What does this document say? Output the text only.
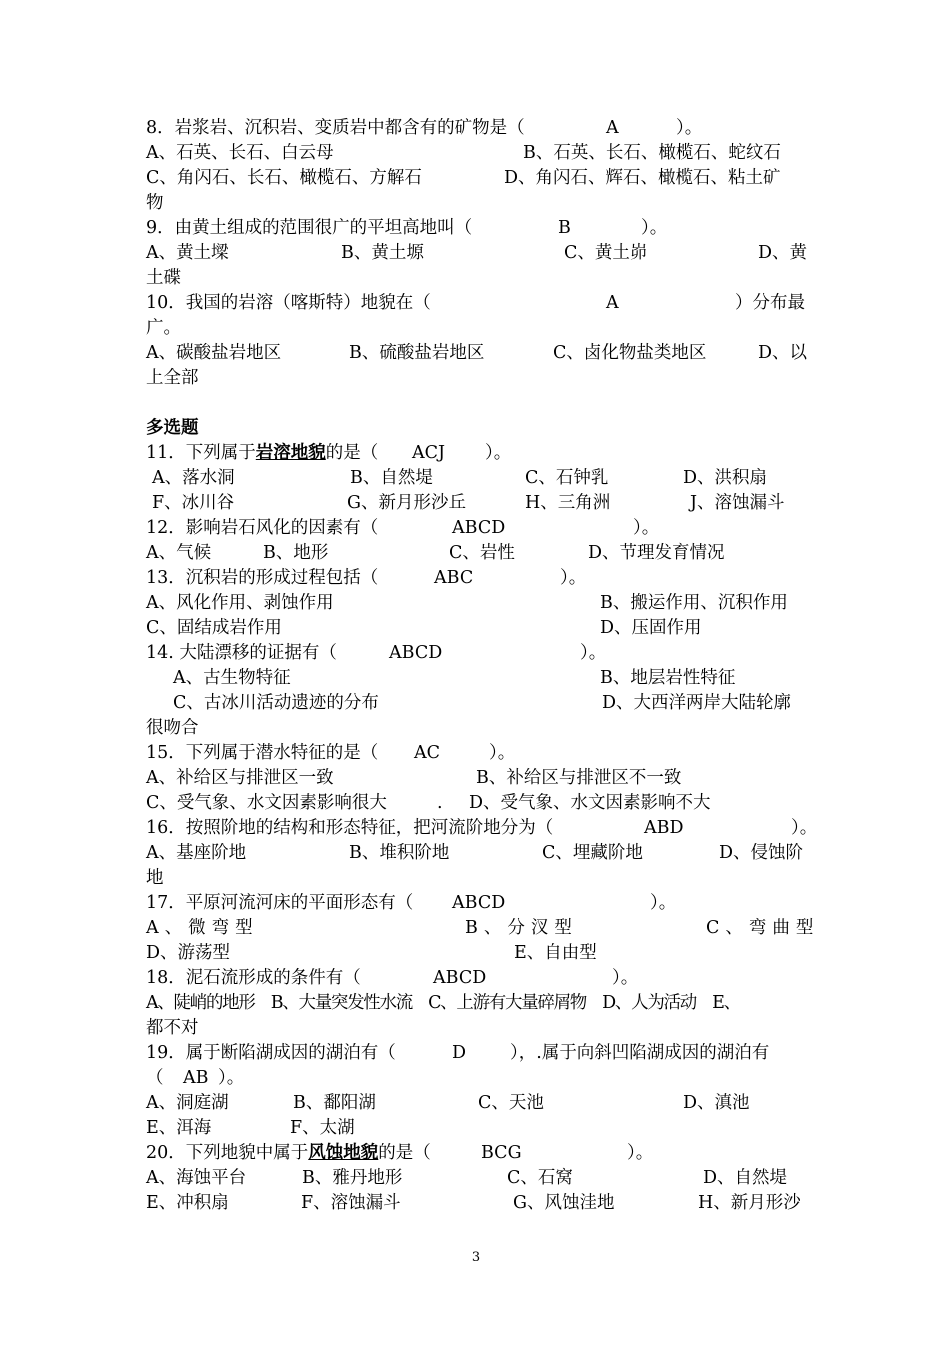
8．岩浆岩、沉积岩、变质岩中都含有的矿物是（	A	）。
A、石英、长石、白云母	B、石英、长石、橄榄石、蛇纹石
C、角闪石、长石、橄榄石、方解石	D、角闪石、辉石、橄榄石、粘土矿
物
9．由黄土组成的范围很广的平坦高地叫（	B	）。
A、黄土墚	B、黄土塬	C、黄土峁	D、黄
土碟
10．我国的岩溶（喀斯特）地貌在（	A	）分布最
广。
A、碳酸盐岩地区	B、硫酸盐岩地区	C、卤化物盐类地区	D、以
上全部
多选题
11．下列属于岩溶地貌的是（ ACJ ）。
A、落水洞	B、自然堤	C、石钟乳	D、洪积扇
F、冰川谷	G、新月形沙丘	H、三角洲	J、溶蚀漏斗
12．影响岩石风化的因素有（	ABCD	）。
A、气候	B、地形	C、岩性	D、节理发育情况
13．沉积岩的形成过程包括（	ABC	）。
A、风化作用、剥蚀作用	B、搬运作用、沉积作用
C、固结成岩作用	D、压固作用
14. 大陆漂移的证据有（	ABCD	）。
A、古生物特征	B、地层岩性特征
C、古冰川活动遗迹的分布	D、大西洋两岸大陆轮廓
很吻合
15．下列属于潜水特征的是（ AC	）。
A、补给区与排泄区一致	B、补给区与排泄区不一致
C、受气象、水文因素影响很大	. D、受气象、水文因素影响不大
16．按照阶地的结构和形态特征，把河流阶地分为（	ABD	）。
A、基座阶地	B、堆积阶地	C、埋藏阶地	D、侵蚀阶
地
17．平原河流河床的平面形态有（ ABCD	）。
A、微弯型	B、分汊型	C、弯曲型
D、游荡型	E、自由型
18．泥石流形成的条件有（	ABCD	）。
A、陡峭的地形　B、大量突发性水流　C、上游有大量碎屑物　D、人为活动　E、
都不对
19．属于断陷湖成因的湖泊有（	D	），.属于向斜凹陷湖成因的湖泊有
（ AB ）。
A、洞庭湖	B、鄱阳湖	C、天池	D、滇池
E、洱海	F、太湖
20．下列地貌中属于风蚀地貌的是（	BCG	）。
A、海蚀平台	B、雅丹地形	C、石窝	D、自然堤
E、冲积扇	F、溶蚀漏斗	G、风蚀洼地	H、新月形沙
3
